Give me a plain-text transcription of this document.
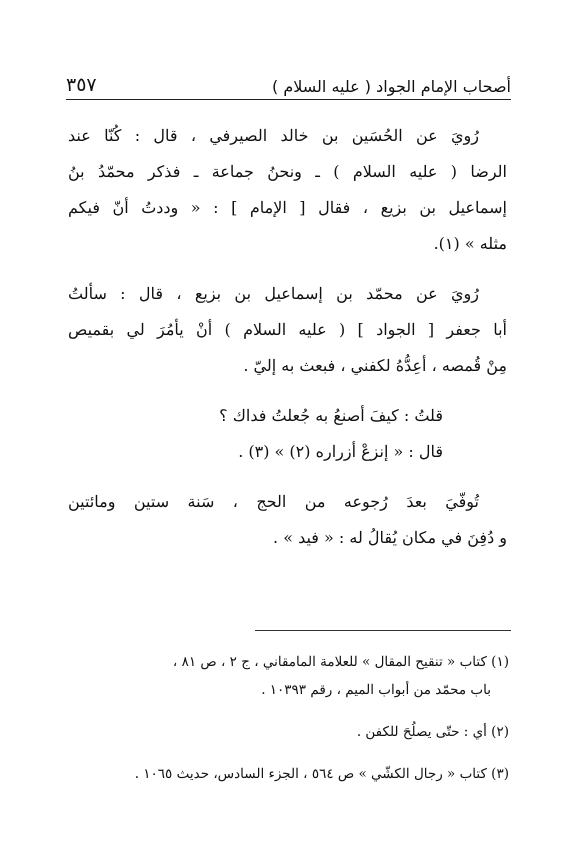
٣٥٧	أصحاب الإمام الجواد ( عليه السلام )
رُويَ عن الحُسَين بن خالد الصيرفي ، قال : كُنّا عند
الرضا ( عليه السلام ) ـ ونحنُ جماعة ـ فذكر محمّدُ بنُ
إسماعيل بن بزيع ، فقال [ الإمام ] : « وددتُ أنّ فيكم
مثله » (١).
رُويَ عن محمّد بن إسماعيل بن بزيع ، قال : سألتُ
أبا جعفر [ الجواد ] ( عليه السلام ) أنْ يأمُرَ لي بقميص
مِنْ قُمصه ، أعِدُّهُ لكفني ، فبعث به إليّ .
قلتُ : كيفَ أصنعُ به جُعلتُ فداك ؟
قال : « إنزعْ أزراره (٢) » (٣) .
تُوفّيَ بعدَ رُجوعه من الحج ، سَنة ستين ومائتين
و دُفِنَ في مكان يُقالُ له : « فيد » .
(١) كتاب « تنقيح المقال » للعلامة المامقاني ، ج ٢ ، ص ٨١ ،
باب محمّد من أبواب الميم ، رقم ١٠٣٩٣ .
(٢) أي : حتّى يصلُحَ للكفن .
(٣) كتاب « رجال الكشّي » ص ٥٦٤ ، الجزء السادس، حديث ١٠٦٥ .
